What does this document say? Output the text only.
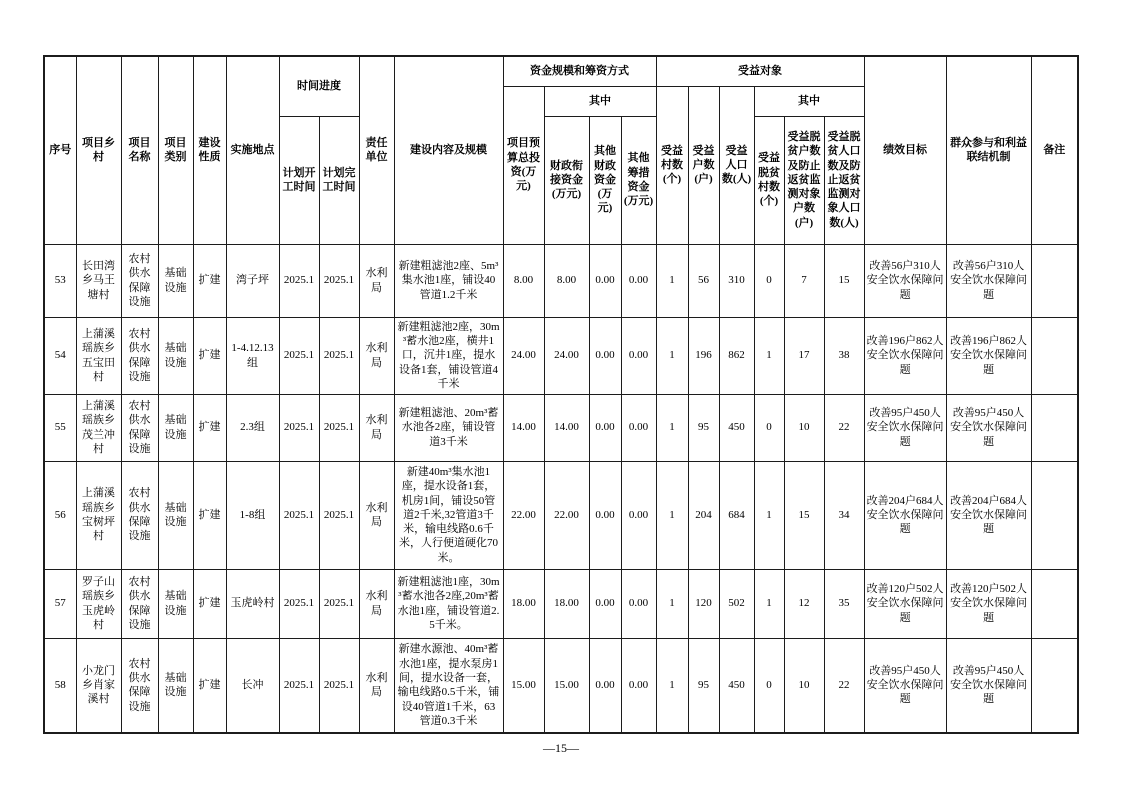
序号	项目乡村	项目名称	项目类别	建设性质	实施地点	时间进度		责任单位	建设内容及规模	资金规模和筹资方式				受益对象						绩效目标	群众参与和利益联结机制	备注
										项目预算总投资(万元)	其中			受益村数(个)	受益户数(户)	受益人口数(人)	其中					
						计划开工时间	计划完工时间				财政衔接资金(万元)	其他财政资金(万元)	其他筹措资金(万元)				受益脱贫村数(个)	受益脱贫户数及防止返贫监测对象户数(户)	受益脱贫人口数及防止返贫监测对象人口数(人)			
53	长田湾乡马王塘村	农村供水保障设施	基础设施	扩建	湾子坪	2025.1	2025.1	水利局	新建粗滤池2座、5m³集水池1座，铺设40管道1.2千米	8.00	8.00	0.00	0.00	1	56	310	0	7	15	改善56户310人安全饮水保障问题	改善56户310人安全饮水保障问题	
54	上蒲溪瑶族乡五宝田村	农村供水保障设施	基础设施	扩建	1-4.12.13组	2025.1	2025.1	水利局	新建粗滤池2座，30m³蓄水池2座，横井1口，沉井1座，提水设备1套，铺设管道4千米	24.00	24.00	0.00	0.00	1	196	862	1	17	38	改善196户862人安全饮水保障问题	改善196户862人安全饮水保障问题	
55	上蒲溪瑶族乡茂兰冲村	农村供水保障设施	基础设施	扩建	2.3组	2025.1	2025.1	水利局	新建粗滤池、20m³蓄水池各2座，铺设管道3千米	14.00	14.00	0.00	0.00	1	95	450	0	10	22	改善95户450人安全饮水保障问题	改善95户450人安全饮水保障问题	
56	上蒲溪瑶族乡宝树坪村	农村供水保障设施	基础设施	扩建	1-8组	2025.1	2025.1	水利局	新建40m³集水池1座，提水设备1套，机房1间，铺设50管道2千米,32管道3千米，输电线路0.6千米，人行便道硬化70米。	22.00	22.00	0.00	0.00	1	204	684	1	15	34	改善204户684人安全饮水保障问题	改善204户684人安全饮水保障问题	
57	罗子山瑶族乡玉虎岭村	农村供水保障设施	基础设施	扩建	玉虎岭村	2025.1	2025.1	水利局	新建粗滤池1座，30m³蓄水池各2座,20m³蓄水池1座，铺设管道2.5千米。	18.00	18.00	0.00	0.00	1	120	502	1	12	35	改善120户502人安全饮水保障问题	改善120户502人安全饮水保障问题	
58	小龙门乡肖家溪村	农村供水保障设施	基础设施	扩建	长冲	2025.1	2025.1	水利局	新建水源池、40m³蓄水池1座，提水泵房1间，提水设备一套，输电线路0.5千米，铺设40管道1千米，63管道0.3千米	15.00	15.00	0.00	0.00	1	95	450	0	10	22	改善95户450人安全饮水保障问题	改善95户450人安全饮水保障问题	
—15—
